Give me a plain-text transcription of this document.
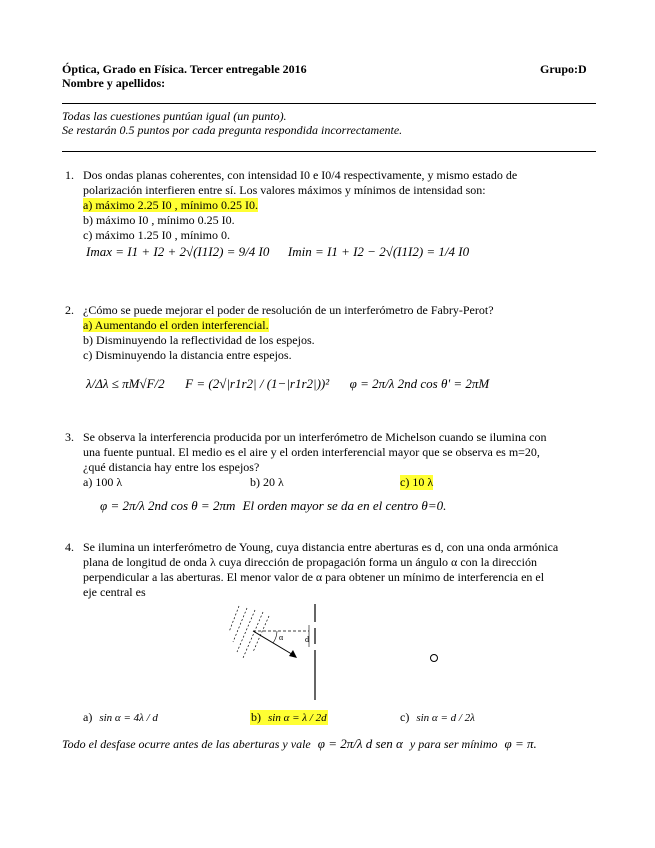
Óptica, Grado en Física. Tercer entregable 2016	Grupo:D
Nombre y apellidos:
Todas las cuestiones puntúan igual (un punto).
Se restarán 0.5 puntos por cada pregunta respondida incorrectamente.
1. Dos ondas planas coherentes, con intensidad I0 e I0/4 respectivamente, y mismo estado de
polarización interfieren entre sí. Los valores máximos y mínimos de intensidad son:
a) máximo 2.25 I0 , mínimo 0.25 I0.
b) máximo I0 , mínimo 0.25 I0.
c) máximo 1.25 I0 , mínimo 0.
Imax = I1 + I2 + 2√(I1I2) = 9/4 I0 Imin = I1 + I2 − 2√(I1I2) = 1/4 I0
2. ¿Cómo se puede mejorar el poder de resolución de un interferómetro de Fabry-Perot?
a) Aumentando el orden interferencial.
b) Disminuyendo la reflectividad de los espejos.
c) Disminuyendo la distancia entre espejos.
λ/Δλ ≤ πM√F/2 F = (2√|r1r2| / (1−|r1r2|))² φ = 2π/λ 2nd cos θ' = 2πM
3. Se observa la interferencia producida por un interferómetro de Michelson cuando se ilumina con
una fuente puntual. El medio es el aire y el orden interferencial mayor que se observa es m=20,
¿qué distancia hay entre los espejos?
a) 100 λ	b) 20 λ	c) 10 λ
φ = 2π/λ 2nd cos θ = 2πm El orden mayor se da en el centro θ=0.
4. Se ilumina un interferómetro de Young, cuya distancia entre aberturas es d, con una onda armónica
plana de longitud de onda λ cuya dirección de propagación forma un ángulo α con la dirección
perpendicular a las aberturas. El menor valor de α para obtener un mínimo de interferencia en el
eje central es
d
α
a) sin α = 4λ / d	b) sin α = λ / 2d	c) sin α = d / 2λ
Todo el desfase ocurre antes de las aberturas y vale φ = 2π/λ d sen α y para ser mínimo φ = π.
